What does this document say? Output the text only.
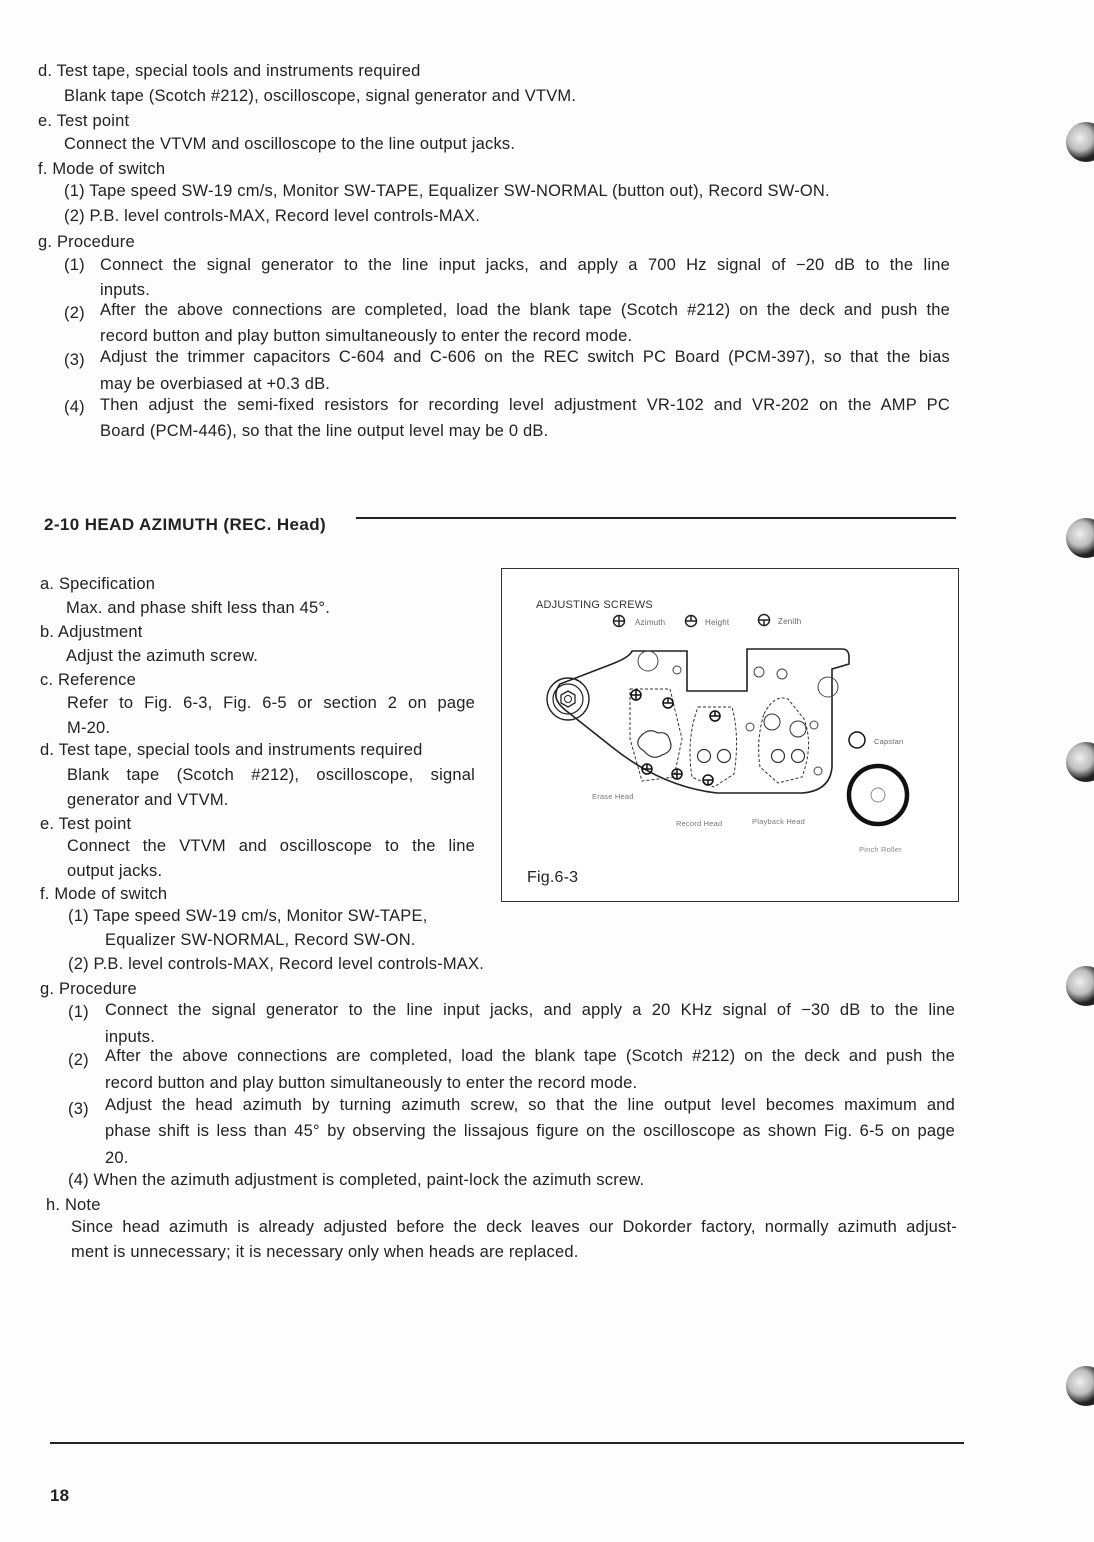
d. Test tape, special tools and instruments required
Blank tape (Scotch #212), oscilloscope, signal generator and VTVM.
e. Test point
Connect the VTVM and oscilloscope to the line output jacks.
f. Mode of switch
(1) Tape speed SW-19 cm/s, Monitor SW-TAPE, Equalizer SW-NORMAL (button out), Record SW-ON.
(2) P.B. level controls-MAX, Record level controls-MAX.
g. Procedure
(1) Connect the signal generator to the line input jacks, and apply a 700 Hz signal of −20 dB to the line
inputs.
(2) After the above connections are completed, load the blank tape (Scotch #212) on the deck and push the
record button and play button simultaneously to enter the record mode.
(3) Adjust the trimmer capacitors C-604 and C-606 on the REC switch PC Board (PCM-397), so that the bias
may be overbiased at +0.3 dB.
(4) Then adjust the semi-fixed resistors for recording level adjustment VR-102 and VR-202 on the AMP PC
Board (PCM-446), so that the line output level may be 0 dB.
2-10 HEAD AZIMUTH (REC. Head)
a. Specification
Max. and phase shift less than 45°.
b. Adjustment
Adjust the azimuth screw.
c. Reference
Refer to Fig. 6-3, Fig. 6-5 or section 2 on page
M-20.
d. Test tape, special tools and instruments required
Blank tape (Scotch #212), oscilloscope, signal
generator and VTVM.
e. Test point
Connect the VTVM and oscilloscope to the line
output jacks.
f. Mode of switch
(1) Tape speed SW-19 cm/s, Monitor SW-TAPE,
Equalizer SW-NORMAL, Record SW-ON.
(2) P.B. level controls-MAX, Record level controls-MAX.
g. Procedure
(1) Connect the signal generator to the line input jacks, and apply a 20 KHz signal of −30 dB to the line
inputs.
(2) After the above connections are completed, load the blank tape (Scotch #212) on the deck and push the
record button and play button simultaneously to enter the record mode.
(3) Adjust the head azimuth by turning azimuth screw, so that the line output level becomes maximum and
phase shift is less than 45° by observing the lissajous figure on the oscilloscope as shown Fig. 6-5 on page
20.
(4) When the azimuth adjustment is completed, paint-lock the azimuth screw.
h. Note
Since head azimuth is already adjusted before the deck leaves our Dokorder factory, normally azimuth adjust-
ment is unnecessary; it is necessary only when heads are replaced.
ADJUSTING SCREWS
Azimuth	Height	Zenith
Capstan
Pinch Roller
Erase Head
Record Head	Playback Head
Fig.6-3
18
